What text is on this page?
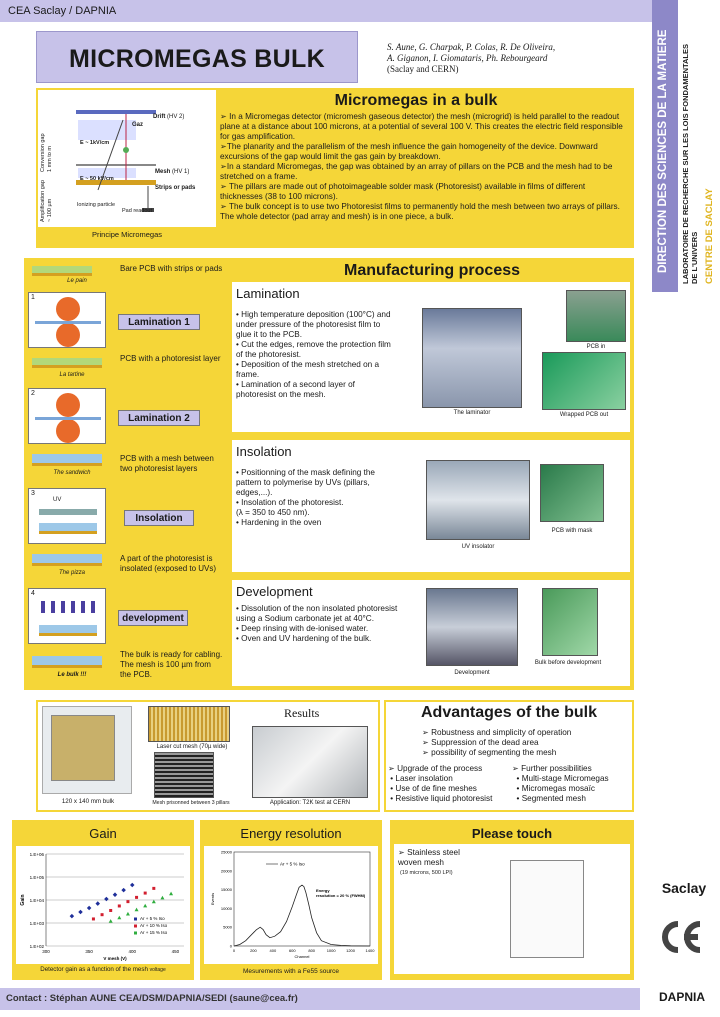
CEA Saclay / DAPNIA
DIRECTION DES SCIENCES DE LA MATIERE LABORATOIRE DE RECHERCHE SUR LES LOIS FONDAMENTALES
DE L'UNIVERS CENTRE DE SACLAY
Saclay
DAPNIA
MICROMEGAS BULK	S. Aune, G. Charpak, P. Colas, R. De Oliveira,
A. Giganon, I. Giomataris, Ph. Rebourgeard
(Saclay and CERN)
Drift (HV 2)
Gaz
E ~ 1kV/cm
E ~ 50 kV/cm
Mesh (HV 1)
Strips or pads
Conversion gap
1 mm to m
Amplification gap
~ 100 µm	Ionizing particle
Pad readout
Principe Micromegas
Micromegas in a bulk
➢ In a Micromegas detector (micromesh gaseous detector) the mesh (microgrid) is held parallel to the readout plane at a distance about 100 microns, at a potential of several 100 V. This creates the electric field responsible for gas amplification.
➢The planarity and the parallelism of the mesh influence the gain homogeneity of the device. Downward excursions of the gap would limit the gas gain by breakdown.
➢In a standard Micromegas, the gap was obtained by an array of pillars on the PCB and the mesh had to be stretched on a frame.
➢ The pillars are made out of photoimageable solder mask (Photoresist) available in films of different thicknesses (38 to 100 microns).
➢ The bulk concept is to use two Photoresist films to permanently hold the mesh between two arrays of pillars. The whole detector (pad array and mesh) is in one piece, a bulk.
Le pain
Bare PCB with strips or pads
1
Lamination 1
PCB with a photoresist layer
La tartine
2
Lamination 2
PCB with a mesh between two photoresist layers
The sandwich
3
UV
Insolation
A part of the photoresist is insolated (exposed to UVs)
The pizza
4
development
The bulk is ready for cabling.
The mesh is 100 µm from the PCB.
Le bulk !!!
Manufacturing process
Lamination
• High temperature deposition (100°C) and under pressure of the photoresist film to glue it to the PCB.
• Cut the edges, remove the protection film of the photoresist.
• Deposition of the mesh stretched on a frame.
• Lamination of a second layer of photoresist on the mesh.
The laminator
PCB in
Wrapped PCB out
Insolation
• Positionning of the mask defining the pattern to polymerise by UVs (pillars, edges,...).
• Insolation of the photoresist.
(λ = 350 to 450 nm).
• Hardening in the oven
UV insolator
PCB with mask
Development
• Dissolution of the non insolated photoresist using a Sodium carbonate jet at 40°C.
• Deep rinsing with de-ionised water.
• Oven and UV hardening of the bulk.
Development
Bulk before development
120 x 140 mm bulk
Laser cut mesh (70µ wide)
Mesh prisonned between 3 pillars
Results
Application: T2K test at CERN
Advantages of the bulk
➢ Robustness and simplicity of operation
➢ Suppression of the dead area
➢ possibility of segmenting the mesh
➢ Upgrade of the process
• Laser insolation
• Use of de fine meshes
• Resistive liquid photoresist
➢ Further possibilities
• Multi-stage Micromegas
• Micromegas mosaïc
• Segmented mesh
Gain
1.E+02
1.E+03
1.E+04
1.E+05
1.E+06
300	350	400	450
V mesh (V)
Gain
Ar + 5 % Iso
Ar + 10 % Iso
Ar + 15 % Iso
Detector gain as a function of the mesh voltage
Energy resolution
0
5000
10000
15000
20000
25000
0	200	400	600	800	1000	1200	1400
Channel
Events
Ar + 5 % Iso
Energy
resolution = 20 % (FWHM)
Mesurements with a Fe55 source
Please touch
➢ Stainless steel woven mesh
(19 microns, 500 LPI)
Contact : Stéphan AUNE CEA/DSM/DAPNIA/SEDI (saune@cea.fr)
